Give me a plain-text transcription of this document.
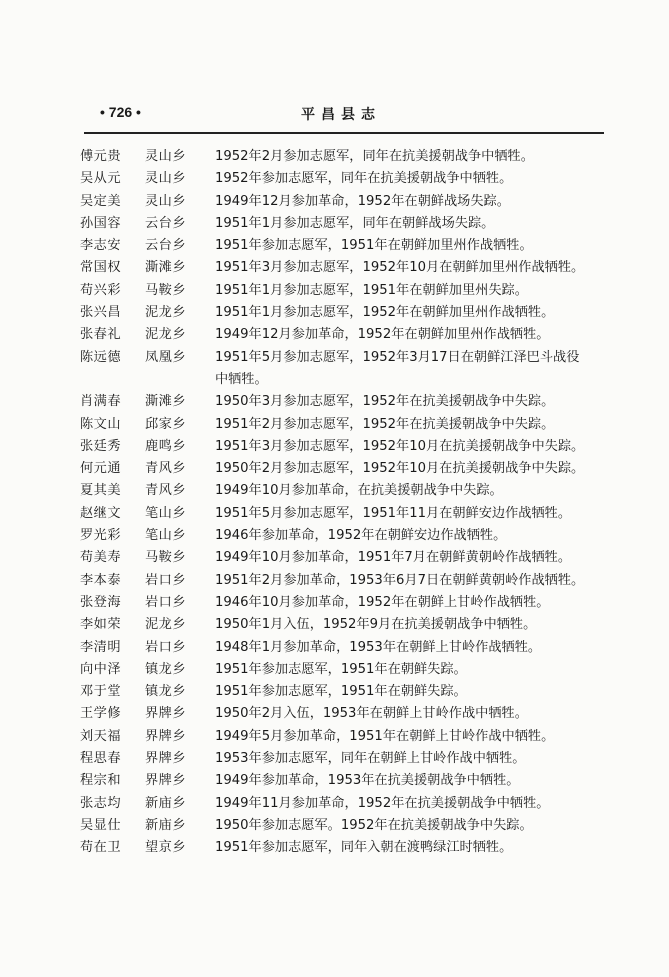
• 726 •	平昌县志
傅元贵	灵山乡	1952年2月参加志愿军，同年在抗美援朝战争中牺牲。
吴从元	灵山乡	1952年参加志愿军，同年在抗美援朝战争中牺牲。
吴定美	灵山乡	1949年12月参加革命，1952年在朝鲜战场失踪。
孙国容	云台乡	1951年1月参加志愿军，同年在朝鲜战场失踪。
李志安	云台乡	1951年参加志愿军，1951年在朝鲜加里州作战牺牲。
常国权	澌滩乡	1951年3月参加志愿军，1952年10月在朝鲜加里州作战牺牲。
苟兴彩	马鞍乡	1951年1月参加志愿军，1951年在朝鲜加里州失踪。
张兴昌	泥龙乡	1951年1月参加志愿军，1952年在朝鲜加里州作战牺牲。
张春礼	泥龙乡	1949年12月参加革命，1952年在朝鲜加里州作战牺牲。
陈远德	凤凰乡	1951年5月参加志愿军，1952年3月17日在朝鲜江泽巴斗战役
中牺牲。
肖满春	澌滩乡	1950年3月参加志愿军，1952年在抗美援朝战争中失踪。
陈文山	邱家乡	1951年2月参加志愿军，1952年在抗美援朝战争中失踪。
张廷秀	鹿鸣乡	1951年3月参加志愿军，1952年10月在抗美援朝战争中失踪。
何元通	青风乡	1950年2月参加志愿军，1952年10月在抗美援朝战争中失踪。
夏其美	青风乡	1949年10月参加革命，在抗美援朝战争中失踪。
赵继文	笔山乡	1951年5月参加志愿军，1951年11月在朝鲜安边作战牺牲。
罗光彩	笔山乡	1946年参加革命，1952年在朝鲜安边作战牺牲。
苟美寿	马鞍乡	1949年10月参加革命，1951年7月在朝鲜黄朝岭作战牺牲。
李本泰	岩口乡	1951年2月参加革命，1953年6月7日在朝鲜黄朝岭作战牺牲。
张登海	岩口乡	1946年10月参加革命，1952年在朝鲜上甘岭作战牺牲。
李如荣	泥龙乡	1950年1月入伍，1952年9月在抗美援朝战争中牺牲。
李清明	岩口乡	1948年1月参加革命，1953年在朝鲜上甘岭作战牺牲。
向中泽	镇龙乡	1951年参加志愿军，1951年在朝鲜失踪。
邓于堂	镇龙乡	1951年参加志愿军，1951年在朝鲜失踪。
王学修	界牌乡	1950年2月入伍，1953年在朝鲜上甘岭作战中牺牲。
刘天福	界牌乡	1949年5月参加革命，1951年在朝鲜上甘岭作战中牺牲。
程思春	界牌乡	1953年参加志愿军，同年在朝鲜上甘岭作战中牺牲。
程宗和	界牌乡	1949年参加革命，1953年在抗美援朝战争中牺牲。
张志均	新庙乡	1949年11月参加革命，1952年在抗美援朝战争中牺牲。
吴显仕	新庙乡	1950年参加志愿军。1952年在抗美援朝战争中失踪。
苟在卫	望京乡	1951年参加志愿军，同年入朝在渡鸭绿江时牺牲。
